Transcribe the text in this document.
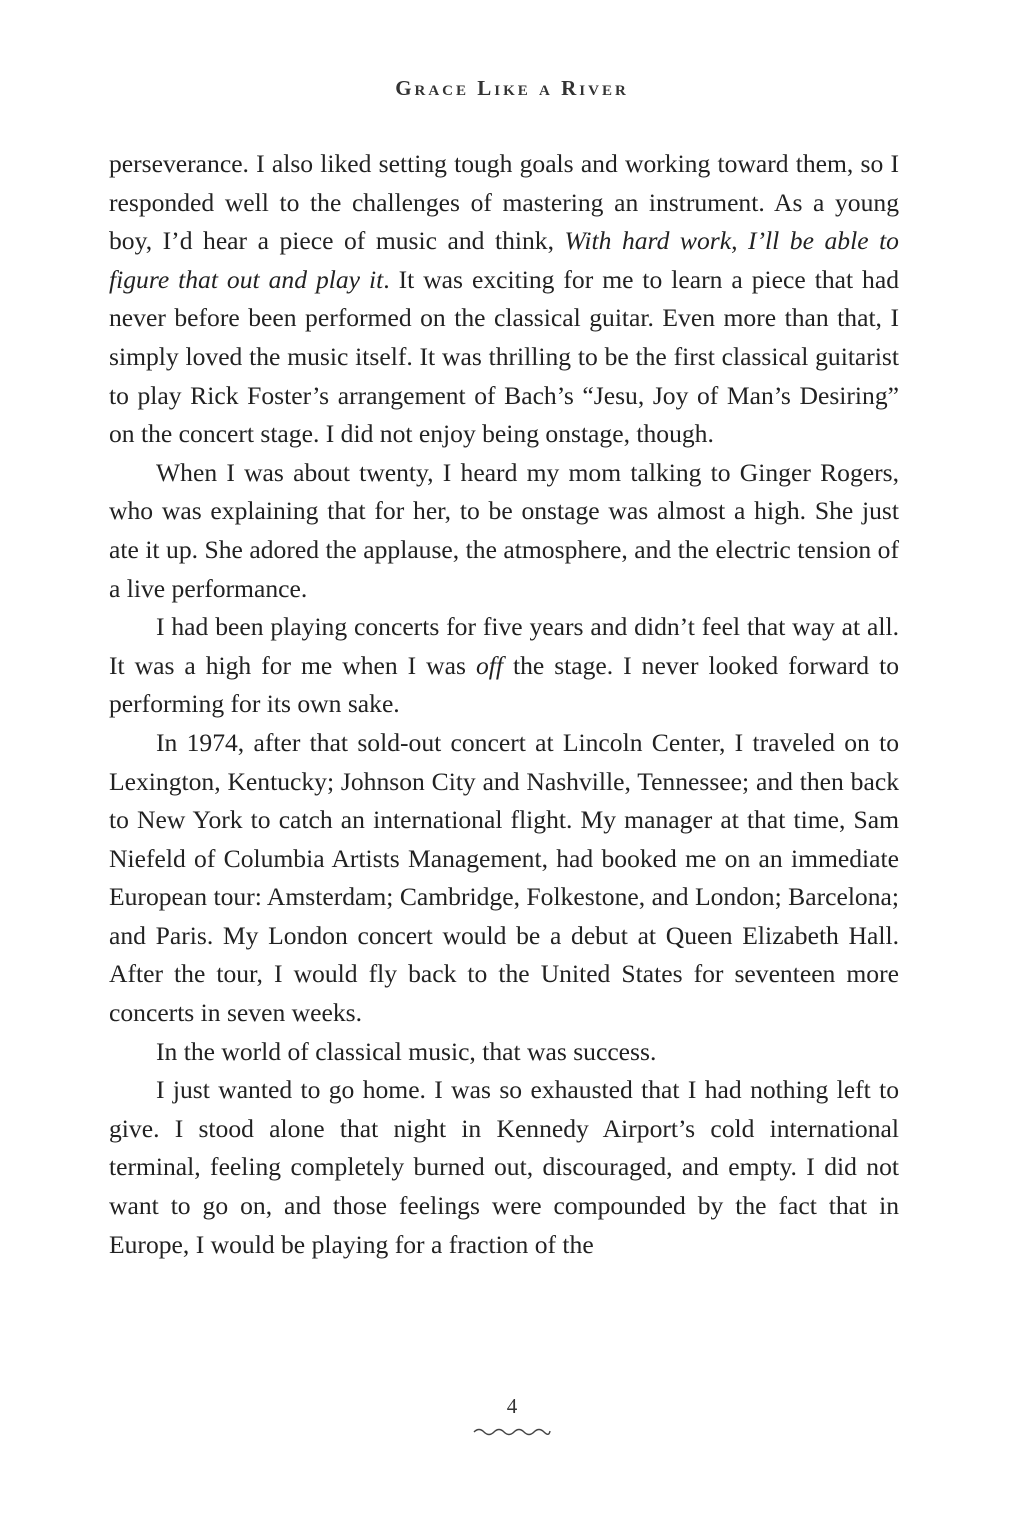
Grace Like a River

perseverance. I also liked setting tough goals and working toward them, so I responded well to the challenges of mastering an instrument. As a young boy, I’d hear a piece of music and think, With hard work, I’ll be able to figure that out and play it. It was exciting for me to learn a piece that had never before been performed on the classical guitar. Even more than that, I simply loved the music itself. It was thrilling to be the first classical guitarist to play Rick Foster’s arrangement of Bach’s “Jesu, Joy of Man’s Desiring” on the concert stage. I did not enjoy being onstage, though.

When I was about twenty, I heard my mom talking to Ginger Rogers, who was explaining that for her, to be onstage was almost a high. She just ate it up. She adored the applause, the atmosphere, and the electric tension of a live performance.

I had been playing concerts for five years and didn’t feel that way at all. It was a high for me when I was off the stage. I never looked forward to performing for its own sake.

In 1974, after that sold-out concert at Lincoln Center, I traveled on to Lexington, Kentucky; Johnson City and Nashville, Tennessee; and then back to New York to catch an international flight. My manager at that time, Sam Niefeld of Columbia Artists Management, had booked me on an immediate European tour: Amsterdam; Cambridge, Folkestone, and London; Barcelona; and Paris. My London concert would be a debut at Queen Elizabeth Hall. After the tour, I would fly back to the United States for seventeen more concerts in seven weeks.

In the world of classical music, that was success.

I just wanted to go home. I was so exhausted that I had nothing left to give. I stood alone that night in Kennedy Airport’s cold international terminal, feeling completely burned out, discouraged, and empty. I did not want to go on, and those feelings were compounded by the fact that in Europe, I would be playing for a fraction of the

4
